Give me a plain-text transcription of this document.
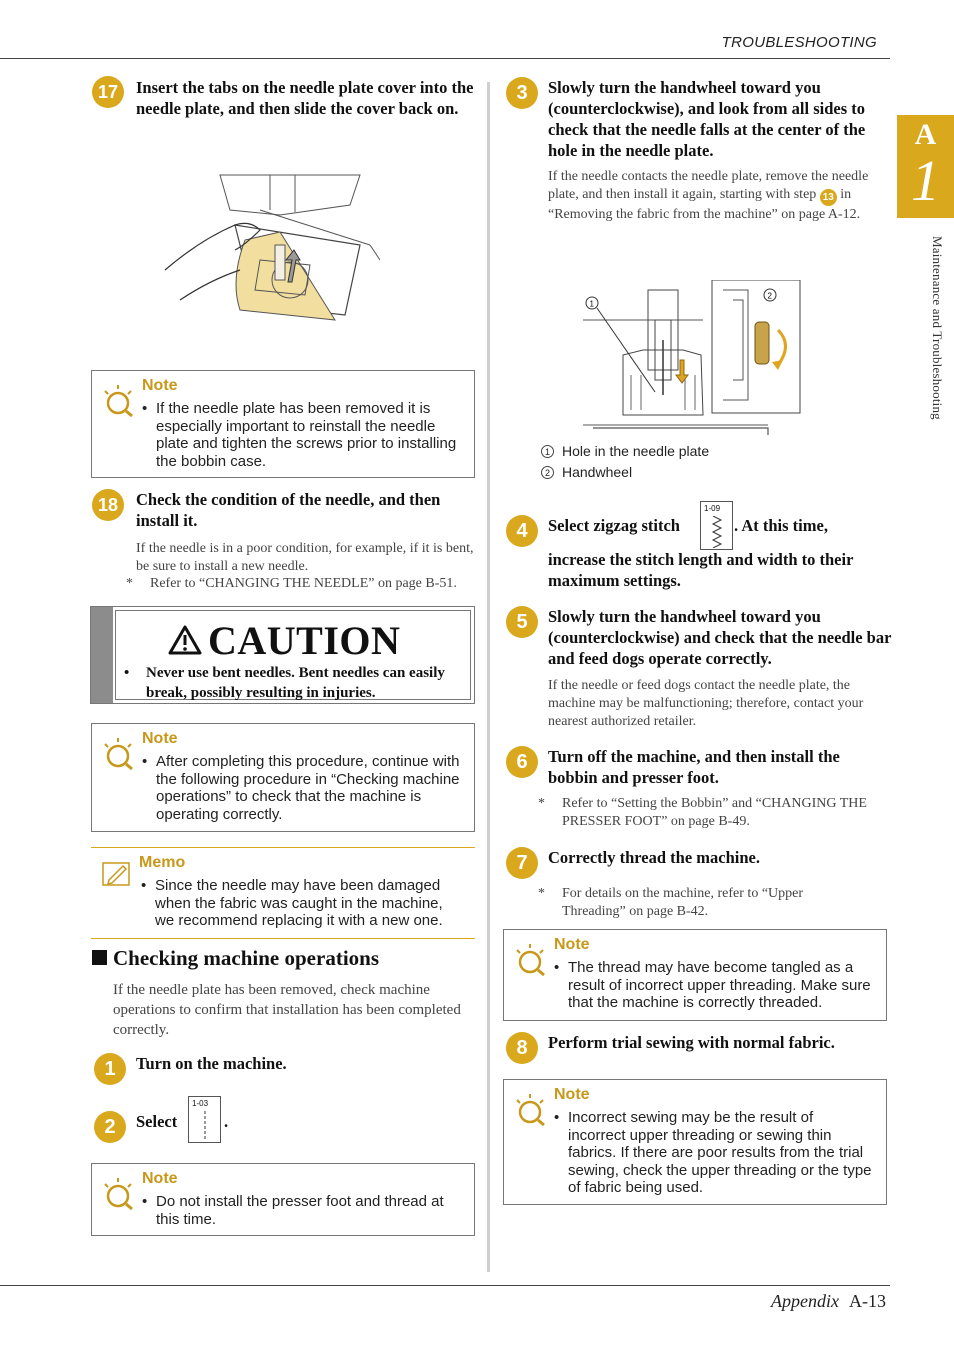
TROUBLESHOOTING
A
1
Maintenance and Troubleshooting
Appendix A-13
17	Insert the tabs on the needle plate cover into the needle plate, and then slide the cover back on.
Note
• If the needle plate has been removed it is especially important to reinstall the needle plate and tighten the screws prior to installing the bobbin case.
18	Check the condition of the needle, and then install it.
If the needle is in a poor condition, for example, if it is bent, be sure to install a new needle.
* Refer to “CHANGING THE NEEDLE” on page B-51.
CAUTION
• Never use bent needles. Bent needles can easily break, possibly resulting in injuries.
Note
• After completing this procedure, continue with the following procedure in “Checking machine operations” to check that the machine is operating correctly.
Memo
• Since the needle may have been damaged when the fabric was caught in the machine, we recommend replacing it with a new one.
Checking machine operations
If the needle plate has been removed, check machine operations to confirm that installation has been completed correctly.
1	Turn on the machine.
2	Select
1-03
.
Note
• Do not install the presser foot and thread at this time.
3	Slowly turn the handwheel toward you (counterclockwise), and look from all sides to check that the needle falls at the center of the hole in the needle plate.
If the needle contacts the needle plate, remove the needle plate, and then install it again, starting with step 13 in “Removing the fabric from the machine” on page A-12.
1
2
1 Hole in the needle plate
2 Handwheel
4	Select zigzag stitch
1-09
. At this time,
increase the stitch length and width to their maximum settings.
5	Slowly turn the handwheel toward you (counterclockwise) and check that the needle bar and feed dogs operate correctly.
If the needle or feed dogs contact the needle plate, the machine may be malfunctioning; therefore, contact your nearest authorized retailer.
6	Turn off the machine, and then install the bobbin and presser foot.
* Refer to “Setting the Bobbin” and “CHANGING THE PRESSER FOOT” on page B-49.
7	Correctly thread the machine.
* For details on the machine, refer to “Upper Threading” on page B-42.
Note
• The thread may have become tangled as a result of incorrect upper threading. Make sure that the machine is correctly threaded.
8	Perform trial sewing with normal fabric.
Note
• Incorrect sewing may be the result of incorrect upper threading or sewing thin fabrics. If there are poor results from the trial sewing, check the upper threading or the type of fabric being used.
